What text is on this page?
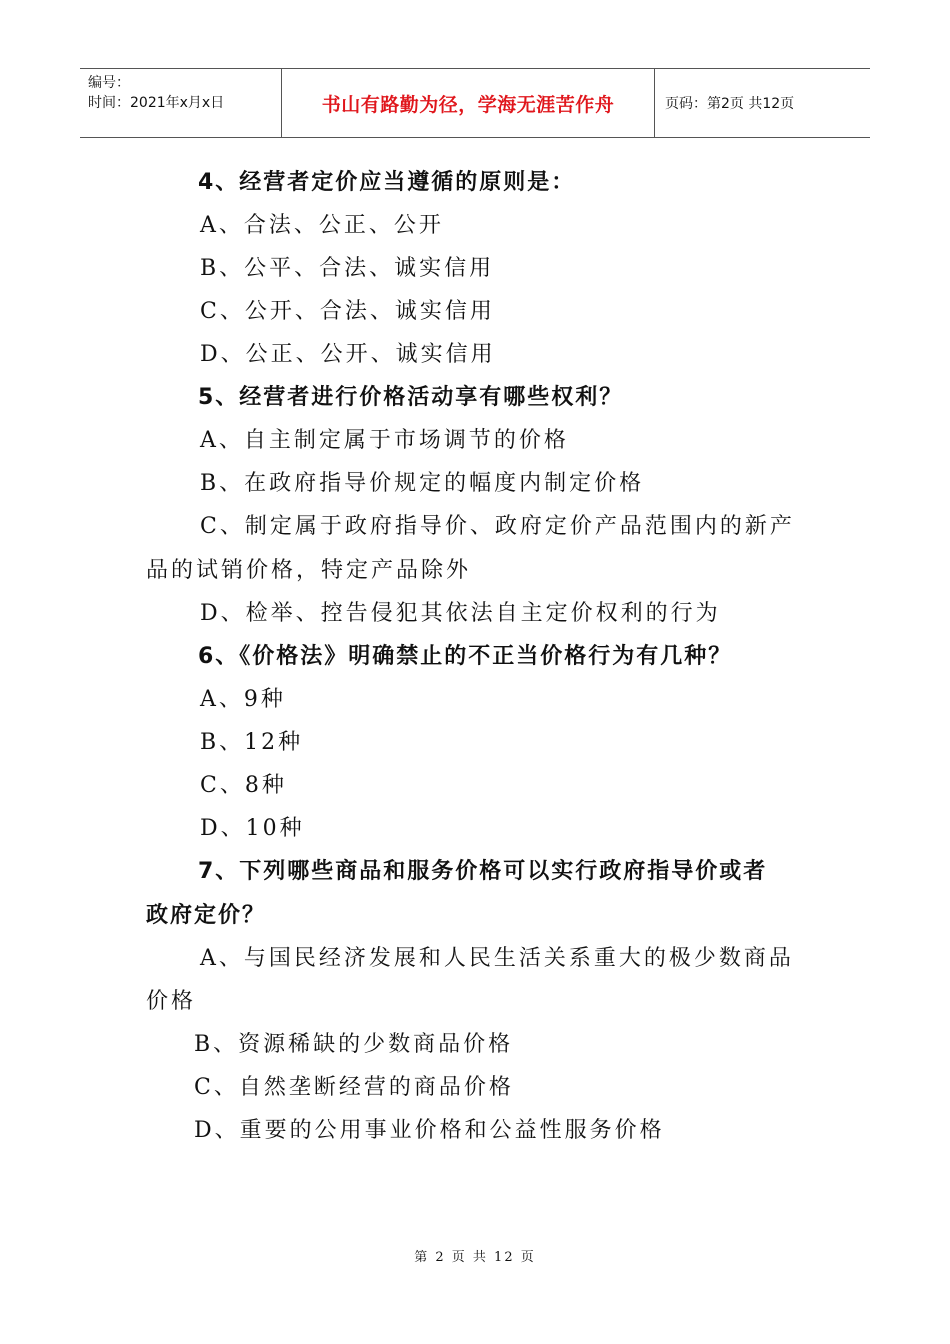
编号：
时间：2021年x月x日	书山有路勤为径，学海无涯苦作舟	页码：第2页 共12页
4、经营者定价应当遵循的原则是：
A、合法、公正、公开
B、公平、合法、诚实信用
C、公开、合法、诚实信用
D、公正、公开、诚实信用
5、经营者进行价格活动享有哪些权利？
A、自主制定属于市场调节的价格
B、在政府指导价规定的幅度内制定价格
C、制定属于政府指导价、政府定价产品范围内的新产
品的试销价格，特定产品除外
D、检举、控告侵犯其依法自主定价权利的行为
6、《价格法》明确禁止的不正当价格行为有几种？
A、9种
B、12种
C、8种
D、10种
7、下列哪些商品和服务价格可以实行政府指导价或者
政府定价？
A、与国民经济发展和人民生活关系重大的极少数商品
价格
B、资源稀缺的少数商品价格
C、自然垄断经营的商品价格
D、重要的公用事业价格和公益性服务价格
第 2 页 共 12 页
